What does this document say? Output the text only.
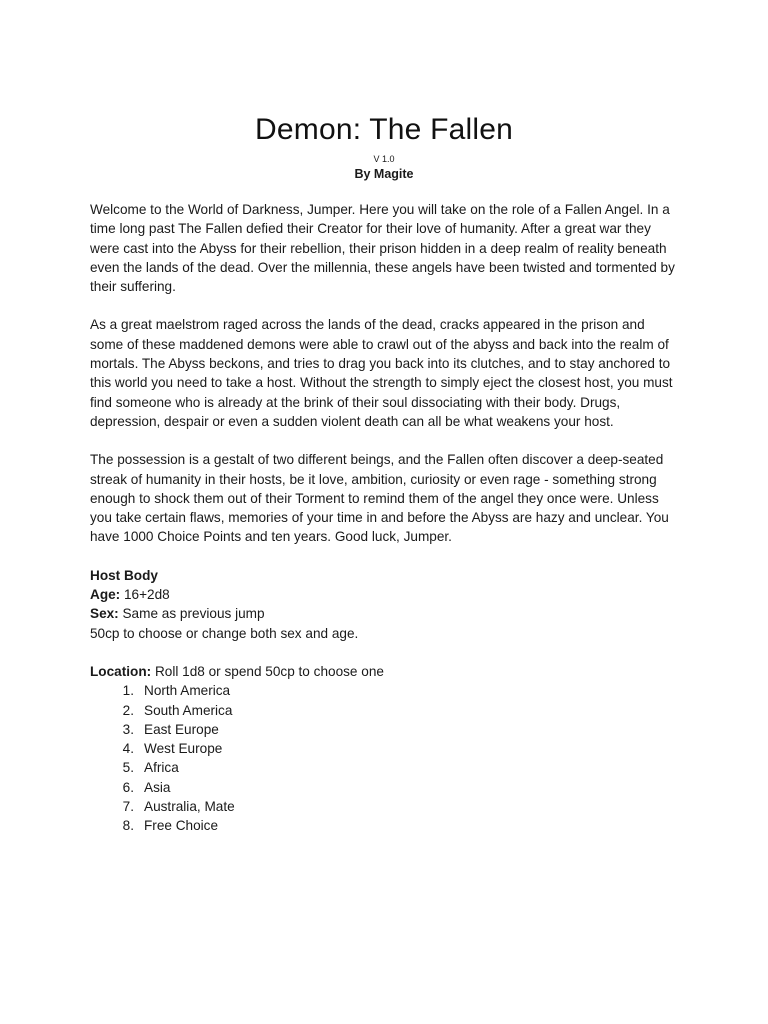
Demon: The Fallen
V 1.0
By Magite

Welcome to the World of Darkness, Jumper. Here you will take on the role of a Fallen Angel. In a time long past The Fallen defied their Creator for their love of humanity. After a great war they were cast into the Abyss for their rebellion, their prison hidden in a deep realm of reality beneath even the lands of the dead. Over the millennia, these angels have been twisted and tormented by their suffering.

As a great maelstrom raged across the lands of the dead, cracks appeared in the prison and some of these maddened demons were able to crawl out of the abyss and back into the realm of mortals. The Abyss beckons, and tries to drag you back into its clutches, and to stay anchored to this world you need to take a host. Without the strength to simply eject the closest host, you must find someone who is already at the brink of their soul dissociating with their body. Drugs, depression, despair or even a sudden violent death can all be what weakens your host.

The possession is a gestalt of two different beings, and the Fallen often discover a deep-seated streak of humanity in their hosts, be it love, ambition, curiosity or even rage - something strong enough to shock them out of their Torment to remind them of the angel they once were. Unless you take certain flaws, memories of your time in and before the Abyss are hazy and unclear. You have 1000 Choice Points and ten years. Good luck, Jumper.

Host Body
Age: 16+2d8
Sex: Same as previous jump
50cp to choose or change both sex and age.
Location: Roll 1d8 or spend 50cp to choose one
1. North America
2. South America
3. East Europe
4. West Europe
5. Africa
6. Asia
7. Australia, Mate
8. Free Choice
